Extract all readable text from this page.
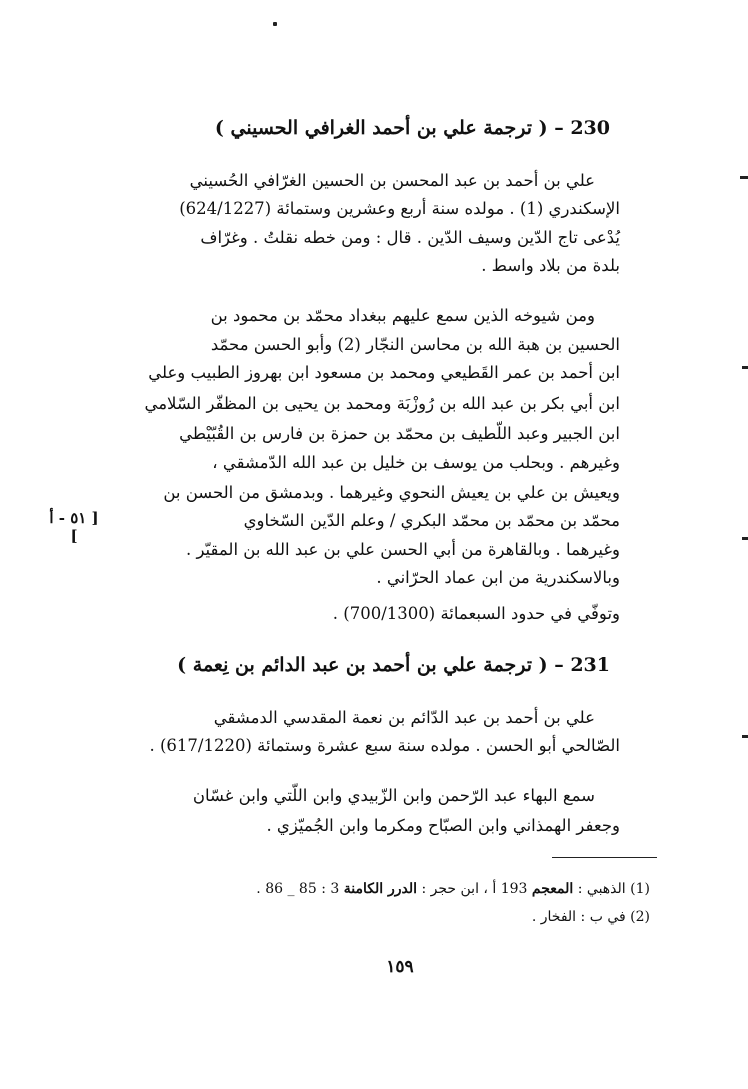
230 – ( ترجمة علي بن أحمد الغرافي الحسيني )
علي بن أحمد بن عبد المحسن بن الحسين الغرّافي الحُسيني
الإسكندري (1) . مولده سنة أربع وعشرين وستمائة (624/1227)
يُدْعى تاج الدّين وسيف الدّين . قال : ومن خطه نقلتُ . وغرّاف
بلدة من بلاد واسط .
ومن شيوخه الذين سمع عليهم ببغداد محمّد بن محمود بن
الحسين بن هبة الله بن محاسن النجّار (2) وأبو الحسن محمّد
ابن أحمد بن عمر القَطيعي ومحمد بن مسعود ابن بهروز الطبيب وعلي
ابن أبي بكر بن عبد الله بن رُوزْبَة ومحمد بن يحيى بن المظفّر السّلامي
ابن الجبير وعبد اللّطيف بن محمّد بن حمزة بن فارس بن القُبّيْطي
وغيرهم . وبحلب من يوسف بن خليل بن عبد الله الدّمشقي ،
ويعيش بن علي بن يعيش النحوي وغيرهما . وبدمشق من الحسن بن
محمّد بن محمّد بن محمّد البكري / وعلم الدّين السّخاوي
[ ٥١ - أ ]
وغيرهما . وبالقاهرة من أبي الحسن علي بن عبد الله بن المقيّر .
وبالاسكندرية من ابن عماد الحرّاني .
وتوفّي في حدود السبعمائة (700/1300) .
231 – ( ترجمة علي بن أحمد بن عبد الدائم بن نِعمة )
علي بن أحمد بن عبد الدّائم بن نعمة المقدسي الدمشقي
الصّالحي أبو الحسن . مولده سنة سبع عشرة وستمائة (617/1220) .
سمع البهاء عبد الرّحمن وابن الزّبيدي وابن اللّتي وابن غسّان
وجعفر الهمذاني وابن الصبّاح ومكرما وابن الجُميّزي .
(1) الذهبي : المعجم 193 أ ، ابن حجر : الدرر الكامنة 3 : 85 _ 86 .
(2) في ب : الفخار .
١٥٩
